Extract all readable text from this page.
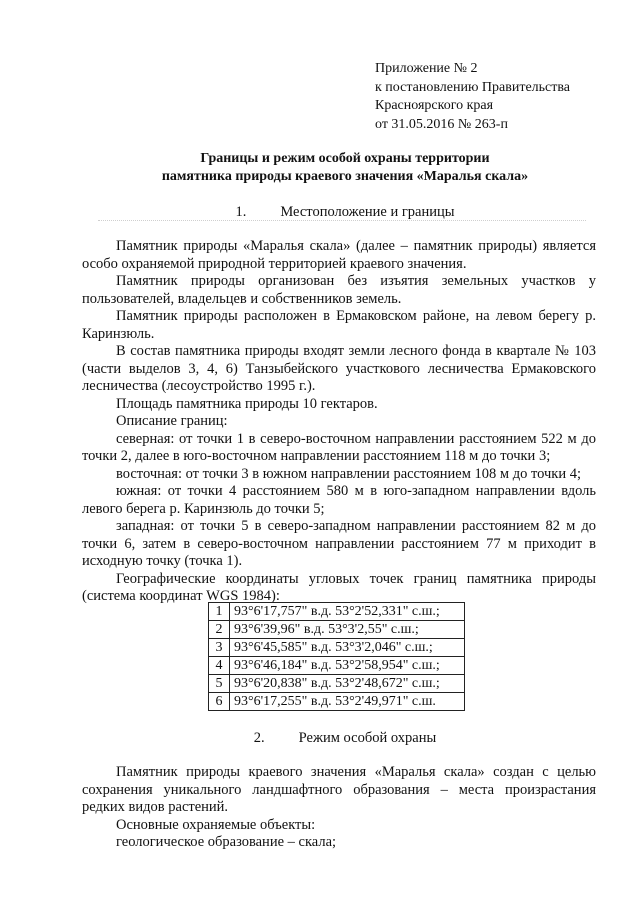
Приложение № 2
к постановлению Правительства
Красноярского края
от 31.05.2016 № 263-п
Границы и режим особой охраны территории
памятника природы краевого значения «Маралья скала»
1. Местоположение и границы

Памятник природы «Маралья скала» (далее – памятник природы) является особо охраняемой природной территорией краевого значения.

Памятник природы организован без изъятия земельных участков у пользователей, владельцев и собственников земель.

Памятник природы расположен в Ермаковском районе, на левом берегу р. Каринзюль.

В состав памятника природы входят земли лесного фонда в квартале № 103 (части выделов 3, 4, 6) Танзыбейского участкового лесничества Ермаковского лесничества (лесоустройство 1995 г.).

Площадь памятника природы 10 гектаров.

Описание границ:

северная: от точки 1 в северо-восточном направлении расстоянием 522 м до точки 2, далее в юго-восточном направлении расстоянием 118 м до точки 3;

восточная: от точки 3 в южном направлении расстоянием 108 м до точки 4;

южная: от точки 4 расстоянием 580 м в юго-западном направлении вдоль левого берега р. Каринзюль до точки 5;

западная: от точки 5 в северо-западном направлении расстоянием 82 м до точки 6, затем в северо-восточном направлении расстоянием 77 м приходит в исходную точку (точка 1).

Географические координаты угловых точек границ памятника природы (система координат WGS 1984):

1	93°6'17,757" в.д. 53°2'52,331" с.ш.;
2	93°6'39,96" в.д. 53°3'2,55" с.ш.;
3	93°6'45,585" в.д. 53°3'2,046" с.ш.;
4	93°6'46,184" в.д. 53°2'58,954" с.ш.;
5	93°6'20,838" в.д. 53°2'48,672" с.ш.;
6	93°6'17,255" в.д. 53°2'49,971" с.ш.
2. Режим особой охраны

Памятник природы краевого значения «Маралья скала» создан с целью сохранения уникального ландшафтного образования – места произрастания редких видов растений.

Основные охраняемые объекты:

геологическое образование – скала;
